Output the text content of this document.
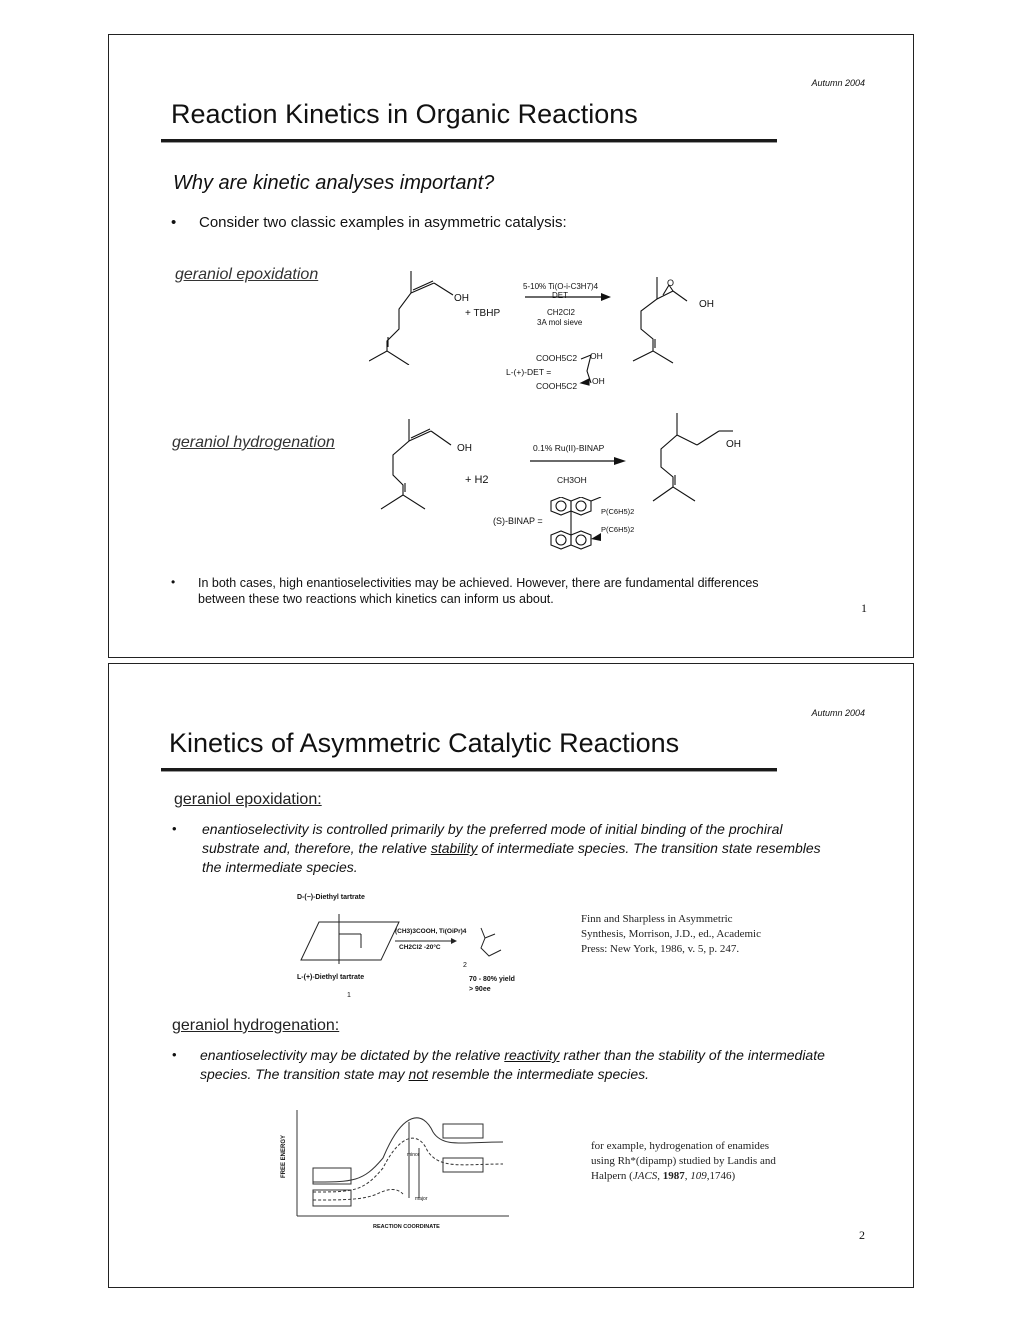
Autumn 2004
Reaction Kinetics in Organic Reactions
Why are kinetic analyses important?
• Consider two classic examples in asymmetric catalysis:
geraniol epoxidation
OH
+ TBHP
5-10% Ti(O-i-C3H7)4
DET
CH2Cl2
3A mol sieve
O
OH
L-(+)-DET =
COOH5C2
COOH5C2
OH
OH
geraniol hydrogenation	OH
+ H2
0.1% Ru(II)-BINAP
CH3OH
OH
(S)-BINAP =
P(C6H5)2
P(C6H5)2
• In both cases, high enantioselectivities may be achieved. However, there are fundamental differences between these two reactions which kinetics can inform us about.
1
Autumn 2004
Kinetics of Asymmetric Catalytic Reactions
geraniol epoxidation:
• enantioselectivity is controlled primarily by the preferred mode of initial binding of the prochiral substrate and, therefore, the relative stability of intermediate species. The transition state resembles the intermediate species.
D-(−)-Diethyl tartrate
(CH3)3COOH, Ti(OiPr)4
CH2Cl2 -20°C
L-(+)-Diethyl tartrate
1
2
70 - 80% yield
> 90ee
Finn and Sharpless in Asymmetric Synthesis, Morrison, J.D., ed., Academic Press: New York, 1986, v. 5, p. 247.
geraniol hydrogenation:
• enantioselectivity may be dictated by the relative reactivity rather than the stability of the intermediate species. The transition state may not resemble the intermediate species.
FREE ENERGY	minor
major
REACTION COORDINATE
for example, hydrogenation of enamides using Rh*(dipamp) studied by Landis and Halpern (JACS, 1987, 109,1746)
2
